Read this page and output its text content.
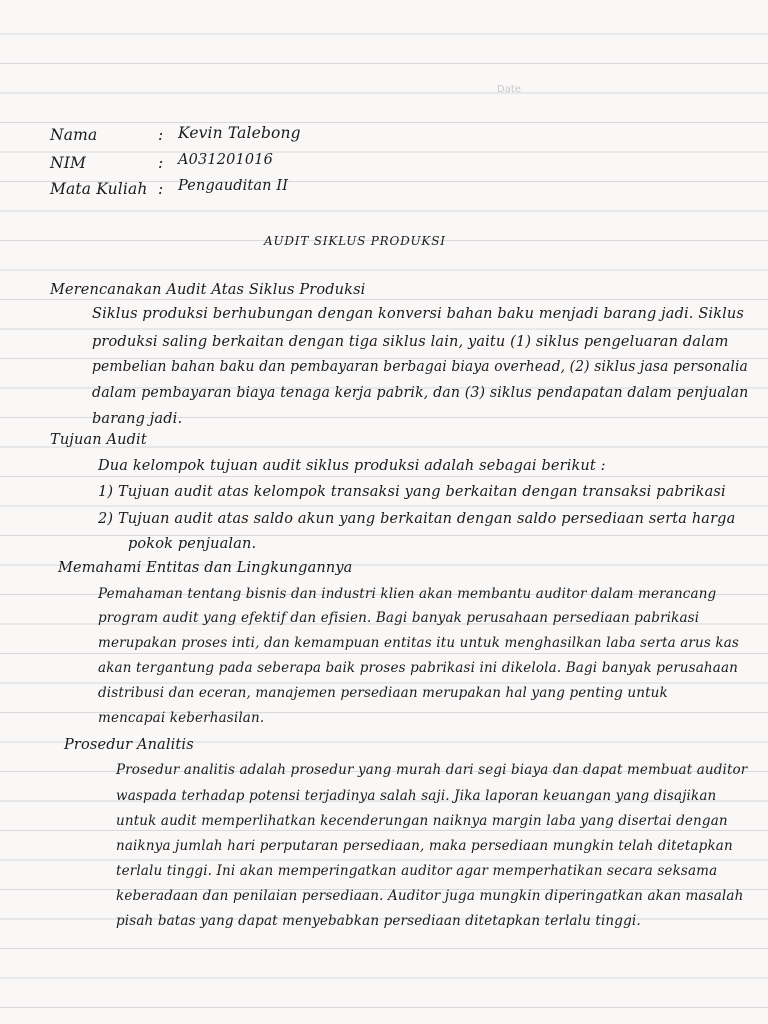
Date
Nama	: Kevin Talebong
NIM	: A031201016
Mata Kuliah : Pengauditan II
AUDIT SIKLUS PRODUKSI
Merencanakan Audit Atas Siklus Produksi
Siklus produksi berhubungan dengan konversi bahan baku menjadi barang jadi. Siklus
produksi saling berkaitan dengan tiga siklus lain, yaitu (1) siklus pengeluaran dalam
pembelian bahan baku dan pembayaran berbagai biaya overhead, (2) siklus jasa personalia
dalam pembayaran biaya tenaga kerja pabrik, dan (3) siklus pendapatan dalam penjualan
barang jadi.
Tujuan Audit
Dua kelompok tujuan audit siklus produksi adalah sebagai berikut :
1) Tujuan audit atas kelompok transaksi yang berkaitan dengan transaksi pabrikasi
2) Tujuan audit atas saldo akun yang berkaitan dengan saldo persediaan serta harga
pokok penjualan.
Memahami Entitas dan Lingkungannya
Pemahaman tentang bisnis dan industri klien akan membantu auditor dalam merancang
program audit yang efektif dan efisien. Bagi banyak perusahaan persediaan pabrikasi
merupakan proses inti, dan kemampuan entitas itu untuk menghasilkan laba serta arus kas
akan tergantung pada seberapa baik proses pabrikasi ini dikelola. Bagi banyak perusahaan
distribusi dan eceran, manajemen persediaan merupakan hal yang penting untuk
mencapai keberhasilan.
Prosedur Analitis
Prosedur analitis adalah prosedur yang murah dari segi biaya dan dapat membuat auditor
waspada terhadap potensi terjadinya salah saji. Jika laporan keuangan yang disajikan
untuk audit memperlihatkan kecenderungan naiknya margin laba yang disertai dengan
naiknya jumlah hari perputaran persediaan, maka persediaan mungkin telah ditetapkan
terlalu tinggi. Ini akan memperingatkan auditor agar memperhatikan secara seksama
keberadaan dan penilaian persediaan. Auditor juga mungkin diperingatkan akan masalah
pisah batas yang dapat menyebabkan persediaan ditetapkan terlalu tinggi.
